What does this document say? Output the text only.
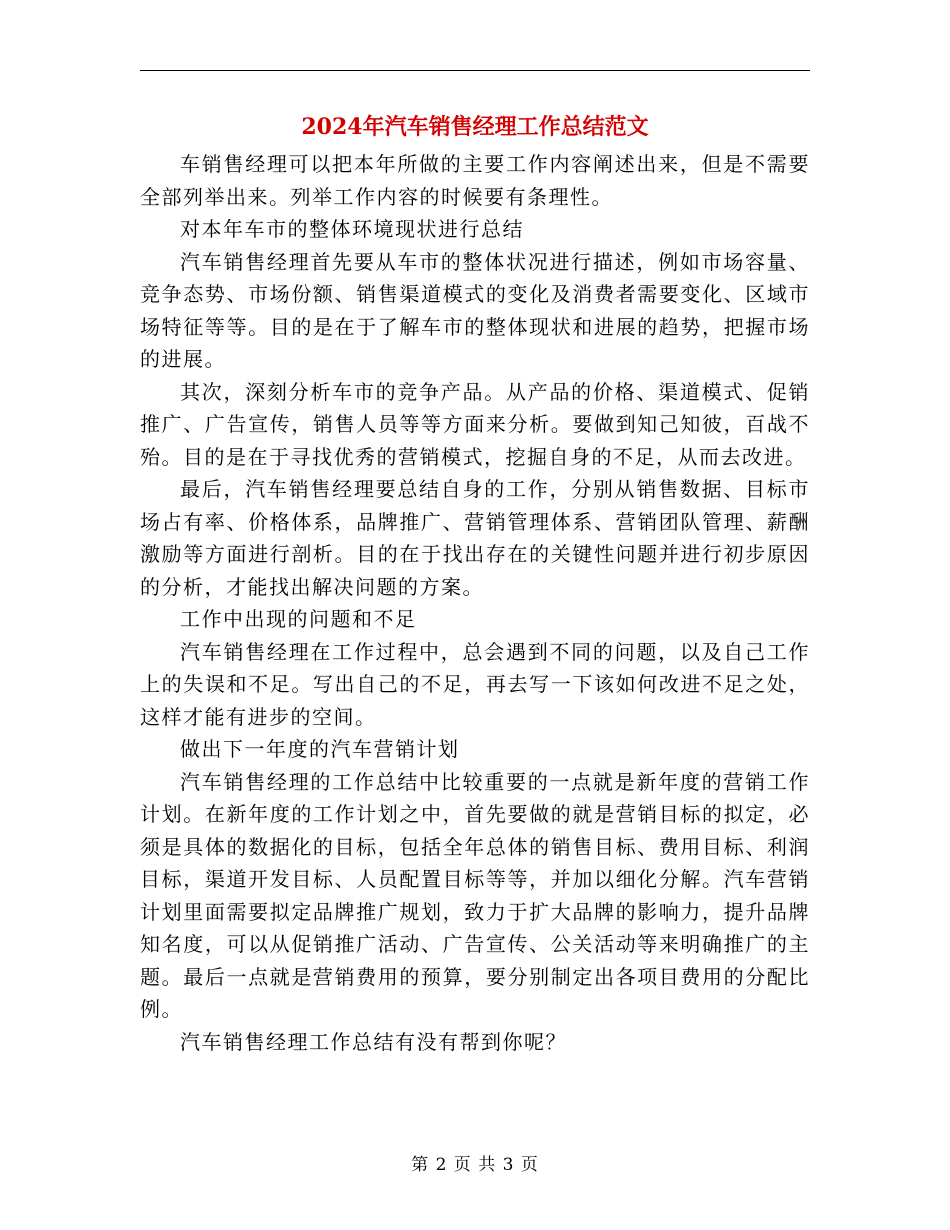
2024年汽车销售经理工作总结范文

车销售经理可以把本年所做的主要工作内容阐述出来，但是不需要全部列举出来。列举工作内容的时候要有条理性。

对本年车市的整体环境现状进行总结

汽车销售经理首先要从车市的整体状况进行描述，例如市场容量、竞争态势、市场份额、销售渠道模式的变化及消费者需要变化、区域市场特征等等。目的是在于了解车市的整体现状和进展的趋势，把握市场的进展。

其次，深刻分析车市的竞争产品。从产品的价格、渠道模式、促销推广、广告宣传，销售人员等等方面来分析。要做到知己知彼，百战不殆。目的是在于寻找优秀的营销模式，挖掘自身的不足，从而去改进。

最后，汽车销售经理要总结自身的工作，分别从销售数据、目标市场占有率、价格体系，品牌推广、营销管理体系、营销团队管理、薪酬激励等方面进行剖析。目的在于找出存在的关键性问题并进行初步原因的分析，才能找出解决问题的方案。

工作中出现的问题和不足

汽车销售经理在工作过程中，总会遇到不同的问题，以及自己工作上的失误和不足。写出自己的不足，再去写一下该如何改进不足之处，这样才能有进步的空间。

做出下一年度的汽车营销计划

汽车销售经理的工作总结中比较重要的一点就是新年度的营销工作计划。在新年度的工作计划之中，首先要做的就是营销目标的拟定，必须是具体的数据化的目标，包括全年总体的销售目标、费用目标、利润目标，渠道开发目标、人员配置目标等等，并加以细化分解。汽车营销计划里面需要拟定品牌推广规划，致力于扩大品牌的影响力，提升品牌知名度，可以从促销推广活动、广告宣传、公关活动等来明确推广的主题。最后一点就是营销费用的预算，要分别制定出各项目费用的分配比例。

汽车销售经理工作总结有没有帮到你呢？

第 2 页 共 3 页
